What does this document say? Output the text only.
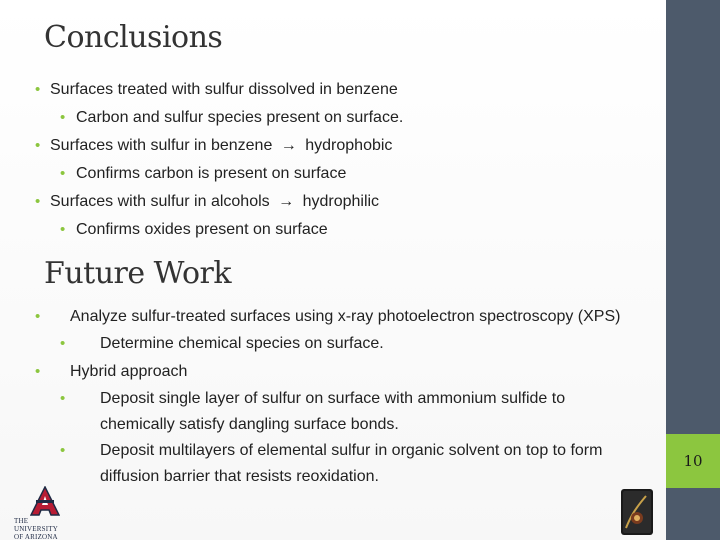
Conclusions
• Surfaces treated with sulfur dissolved in benzene
• Carbon and sulfur species present on surface.
• Surfaces with sulfur in benzene → hydrophobic
• Confirms carbon is present on surface
• Surfaces with sulfur in alcohols → hydrophilic
• Confirms oxides present on surface
Future Work
• Analyze sulfur-treated surfaces using x-ray photoelectron spectroscopy (XPS)
• Determine chemical species on surface.
• Hybrid approach
• Deposit single layer of sulfur on surface with ammonium sulfide to chemically satisfy dangling surface bonds.
• Deposit multilayers of elemental sulfur in organic solvent on top to form diffusion barrier that resists reoxidation.
THE UNIVERSITY
OF ARIZONA
10
